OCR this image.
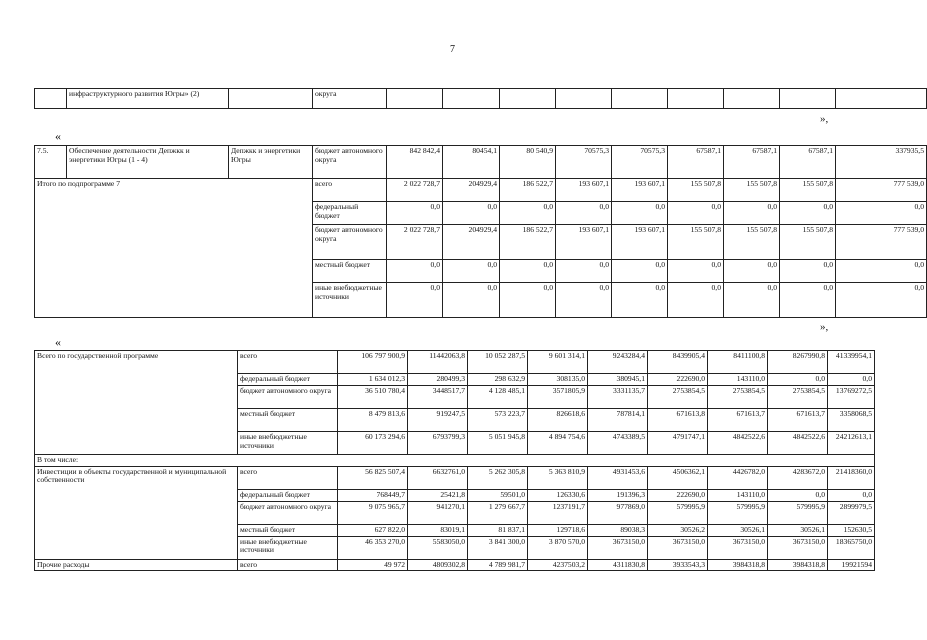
7
	инфраструктурного развития Югры» (2)		округа									
»,
«
7.5.	Обеспечение деятельности Депжкк и энергетики Югры (1 - 4)	Депжкк и энергетики Югры	бюджет автономного округа	842 842,4	80454,1	80 540,9	70575,3	70575,3	67587,1	67587,1	67587,1	337935,5
Итого по подпрограмме 7			всего	2 022 728,7	204929,4	186 522,7	193 607,1	193 607,1	155 507,8	155 507,8	155 507,8	777 539,0
			федеральный бюджет	0,0	0,0	0,0	0,0	0,0	0,0	0,0	0,0	0,0
			бюджет автономного округа	2 022 728,7	204929,4	186 522,7	193 607,1	193 607,1	155 507,8	155 507,8	155 507,8	777 539,0
			местный бюджет	0,0	0,0	0,0	0,0	0,0	0,0	0,0	0,0	0,0
			иные внебюджетные источники	0,0	0,0	0,0	0,0	0,0	0,0	0,0	0,0	0,0
»,
«
Всего по государственной программе	всего	106 797 900,9	11442063,8	10 052 287,5	9 601 314,1	9243284,4	8439905,4	8411100,8	8267990,8	41339954,1
	федеральный бюджет	1 634 012,3	280499,3	298 632,9	308135,0	380945,1	222690,0	143110,0	0,0	0,0
	бюджет автономного округа	36 510 780,4	3448517,7	4 128 485,1	3571805,9	3331135,7	2753854,5	2753854,5	2753854,5	13769272,5
	местный бюджет	8 479 813,6	919247,5	573 223,7	826618,6	787814,1	671613,8	671613,7	671613,7	3358068,5
	иные внебюджетные источники	60 173 294,6	6793799,3	5 051 945,8	4 894 754,6	4743389,5	4791747,1	4842522,6	4842522,6	24212613,1
В том числе:										
Инвестиции в объекты государственной и муниципальной собственности	всего	56 825 507,4	6632761,0	5 262 305,8	5 363 810,9	4931453,6	4506362,1	4426782,0	4283672,0	21418360,0
	федеральный бюджет	768449,7	25421,8	59501,0	126330,6	191396,3	222690,0	143110,0	0,0	0,0
	бюджет автономного округа	9 075 965,7	941270,1	1 279 667,7	1237191,7	977869,0	579995,9	579995,9	579995,9	2899979,5
	местный бюджет	627 822,0	83019,1	81 837,1	129718,6	89038,3	30526,2	30526,1	30526,1	152630,5
	иные внебюджетные источники	46 353 270,0	5583050,0	3 841 300,0	3 870 570,0	3673150,0	3673150,0	3673150,0	3673150,0	18365750,0
Прочие расходы	всего	49 972	4809302,8	4 789 981,7	4237503,2	4311830,8	3933543,3	3984318,8	3984318,8	19921594
